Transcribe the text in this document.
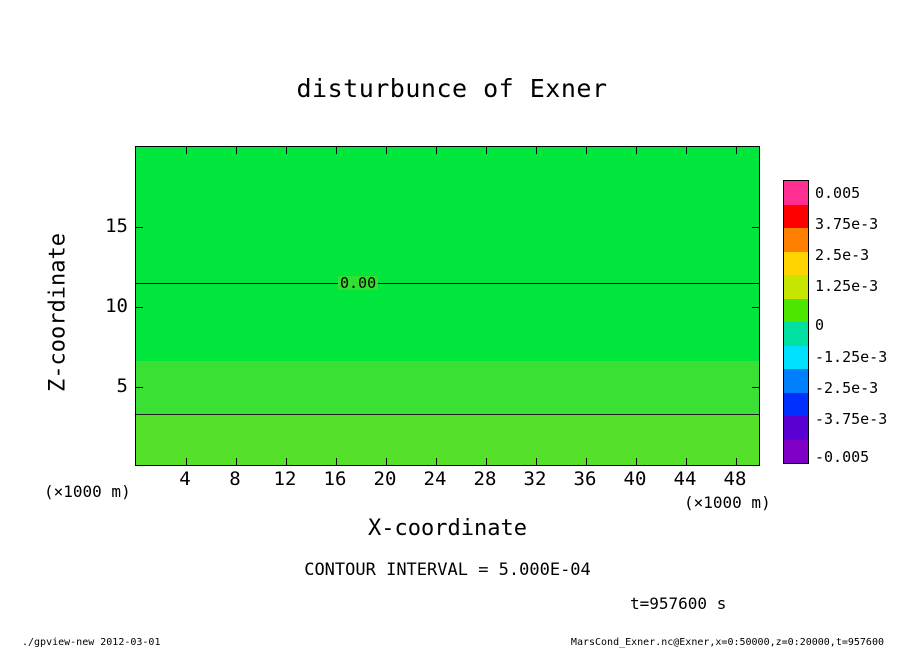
disturbunce of Exner
0.00
4 8 12 16 20 24 28 32 36 40 44 48
5
10
15
Z-coordinate
X-coordinate
(×1000 m)
(×1000 m)
CONTOUR INTERVAL = 5.000E-04
t=957600 s
0.005
3.75e-3
2.5e-3
1.25e-3
0
-1.25e-3
-2.5e-3
-3.75e-3
-0.005
./gpview-new 2012-03-01	MarsCond_Exner.nc@Exner,x=0:50000,z=0:20000,t=957600
